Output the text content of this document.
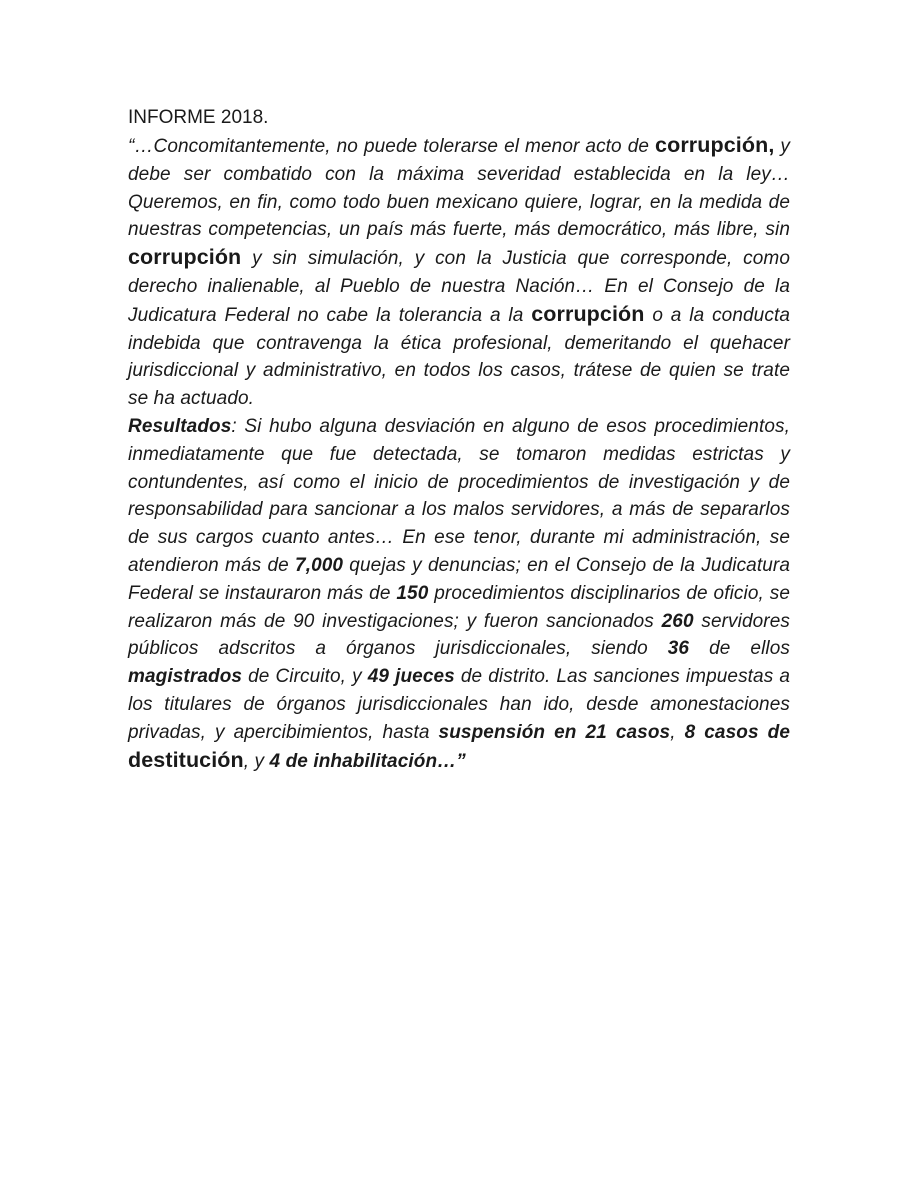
INFORME 2018.

“…Concomitantemente, no puede tolerarse el menor acto de corrupción, y debe ser combatido con la máxima severidad establecida en la ley… Queremos, en fin, como todo buen mexicano quiere, lograr, en la medida de nuestras competencias, un país más fuerte, más democrático, más libre, sin corrupción y sin simulación, y con la Justicia que corresponde, como derecho inalienable, al Pueblo de nuestra Nación… En el Consejo de la Judicatura Federal no cabe la tolerancia a la corrupción o a la conducta indebida que contravenga la ética profesional, demeritando el quehacer jurisdiccional y administrativo, en todos los casos, trátese de quien se trate se ha actuado.

Resultados: Si hubo alguna desviación en alguno de esos procedimientos, inmediatamente que fue detectada, se tomaron medidas estrictas y contundentes, así como el inicio de procedimientos de investigación y de responsabilidad para sancionar a los malos servidores, a más de separarlos de sus cargos cuanto antes… En ese tenor, durante mi administración, se atendieron más de 7,000 quejas y denuncias; en el Consejo de la Judicatura Federal se instauraron más de 150 procedimientos disciplinarios de oficio, se realizaron más de 90 investigaciones; y fueron sancionados 260 servidores públicos adscritos a órganos jurisdiccionales, siendo 36 de ellos magistrados de Circuito, y 49 jueces de distrito. Las sanciones impuestas a los titulares de órganos jurisdiccionales han ido, desde amonestaciones privadas, y apercibimientos, hasta suspensión en 21 casos, 8 casos de destitución, y 4 de inhabilitación…”
